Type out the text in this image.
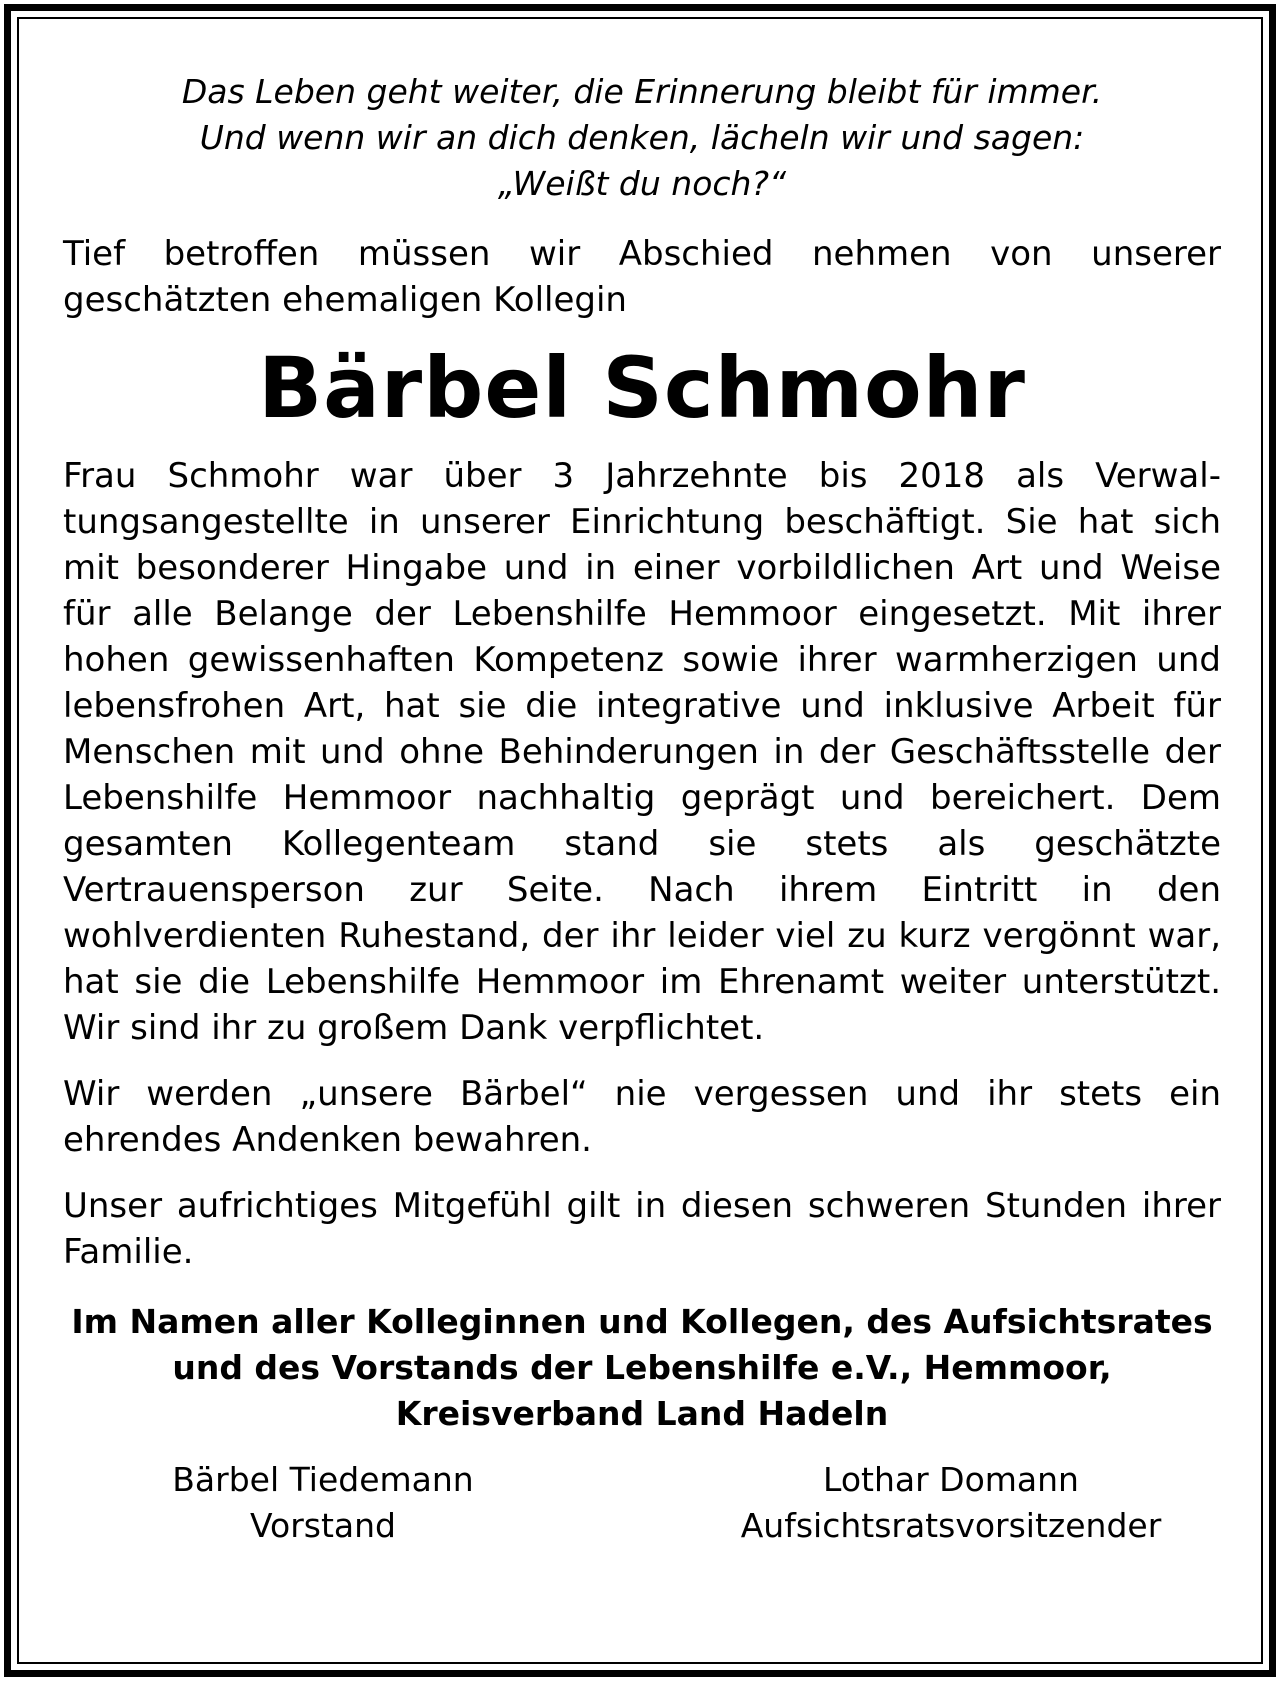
Das Leben geht weiter, die Erinnerung bleibt für immer.
Und wenn wir an dich denken, lächeln wir und sagen:
„Weißt du noch?“

Tief betroffen müssen wir Abschied nehmen von unserer geschätzten ehemaligen Kollegin

Bärbel Schmohr

Frau Schmohr war über 3 Jahrzehnte bis 2018 als Verwaltungsangestellte in unserer Einrichtung beschäftigt. Sie hat sich mit besonderer Hingabe und in einer vorbildlichen Art und Weise für alle Belange der Lebenshilfe Hemmoor eingesetzt. Mit ihrer hohen gewissenhaften Kompetenz sowie ihrer warmherzigen und lebensfrohen Art, hat sie die integrative und inklusive Arbeit für Menschen mit und ohne Behinderungen in der Geschäftsstelle der Lebenshilfe Hemmoor nachhaltig geprägt und bereichert. Dem gesamten Kollegenteam stand sie stets als geschätzte Vertrauensperson zur Seite. Nach ihrem Eintritt in den wohlverdienten Ruhestand, der ihr leider viel zu kurz vergönnt war, hat sie die Lebenshilfe Hemmoor im Ehrenamt weiter unterstützt. Wir sind ihr zu großem Dank verpflichtet.

Wir werden „unsere Bärbel“ nie vergessen und ihr stets ein ehrendes Andenken bewahren.

Unser aufrichtiges Mitgefühl gilt in diesen schweren Stunden ihrer Familie.

Im Namen aller Kolleginnen und Kollegen, des Aufsichtsrates
und des Vorstands der Lebenshilfe e.V., Hemmoor,
Kreisverband Land Hadeln
Bärbel Tiedemann
Vorstand
Lothar Domann
Aufsichtsratsvorsitzender
